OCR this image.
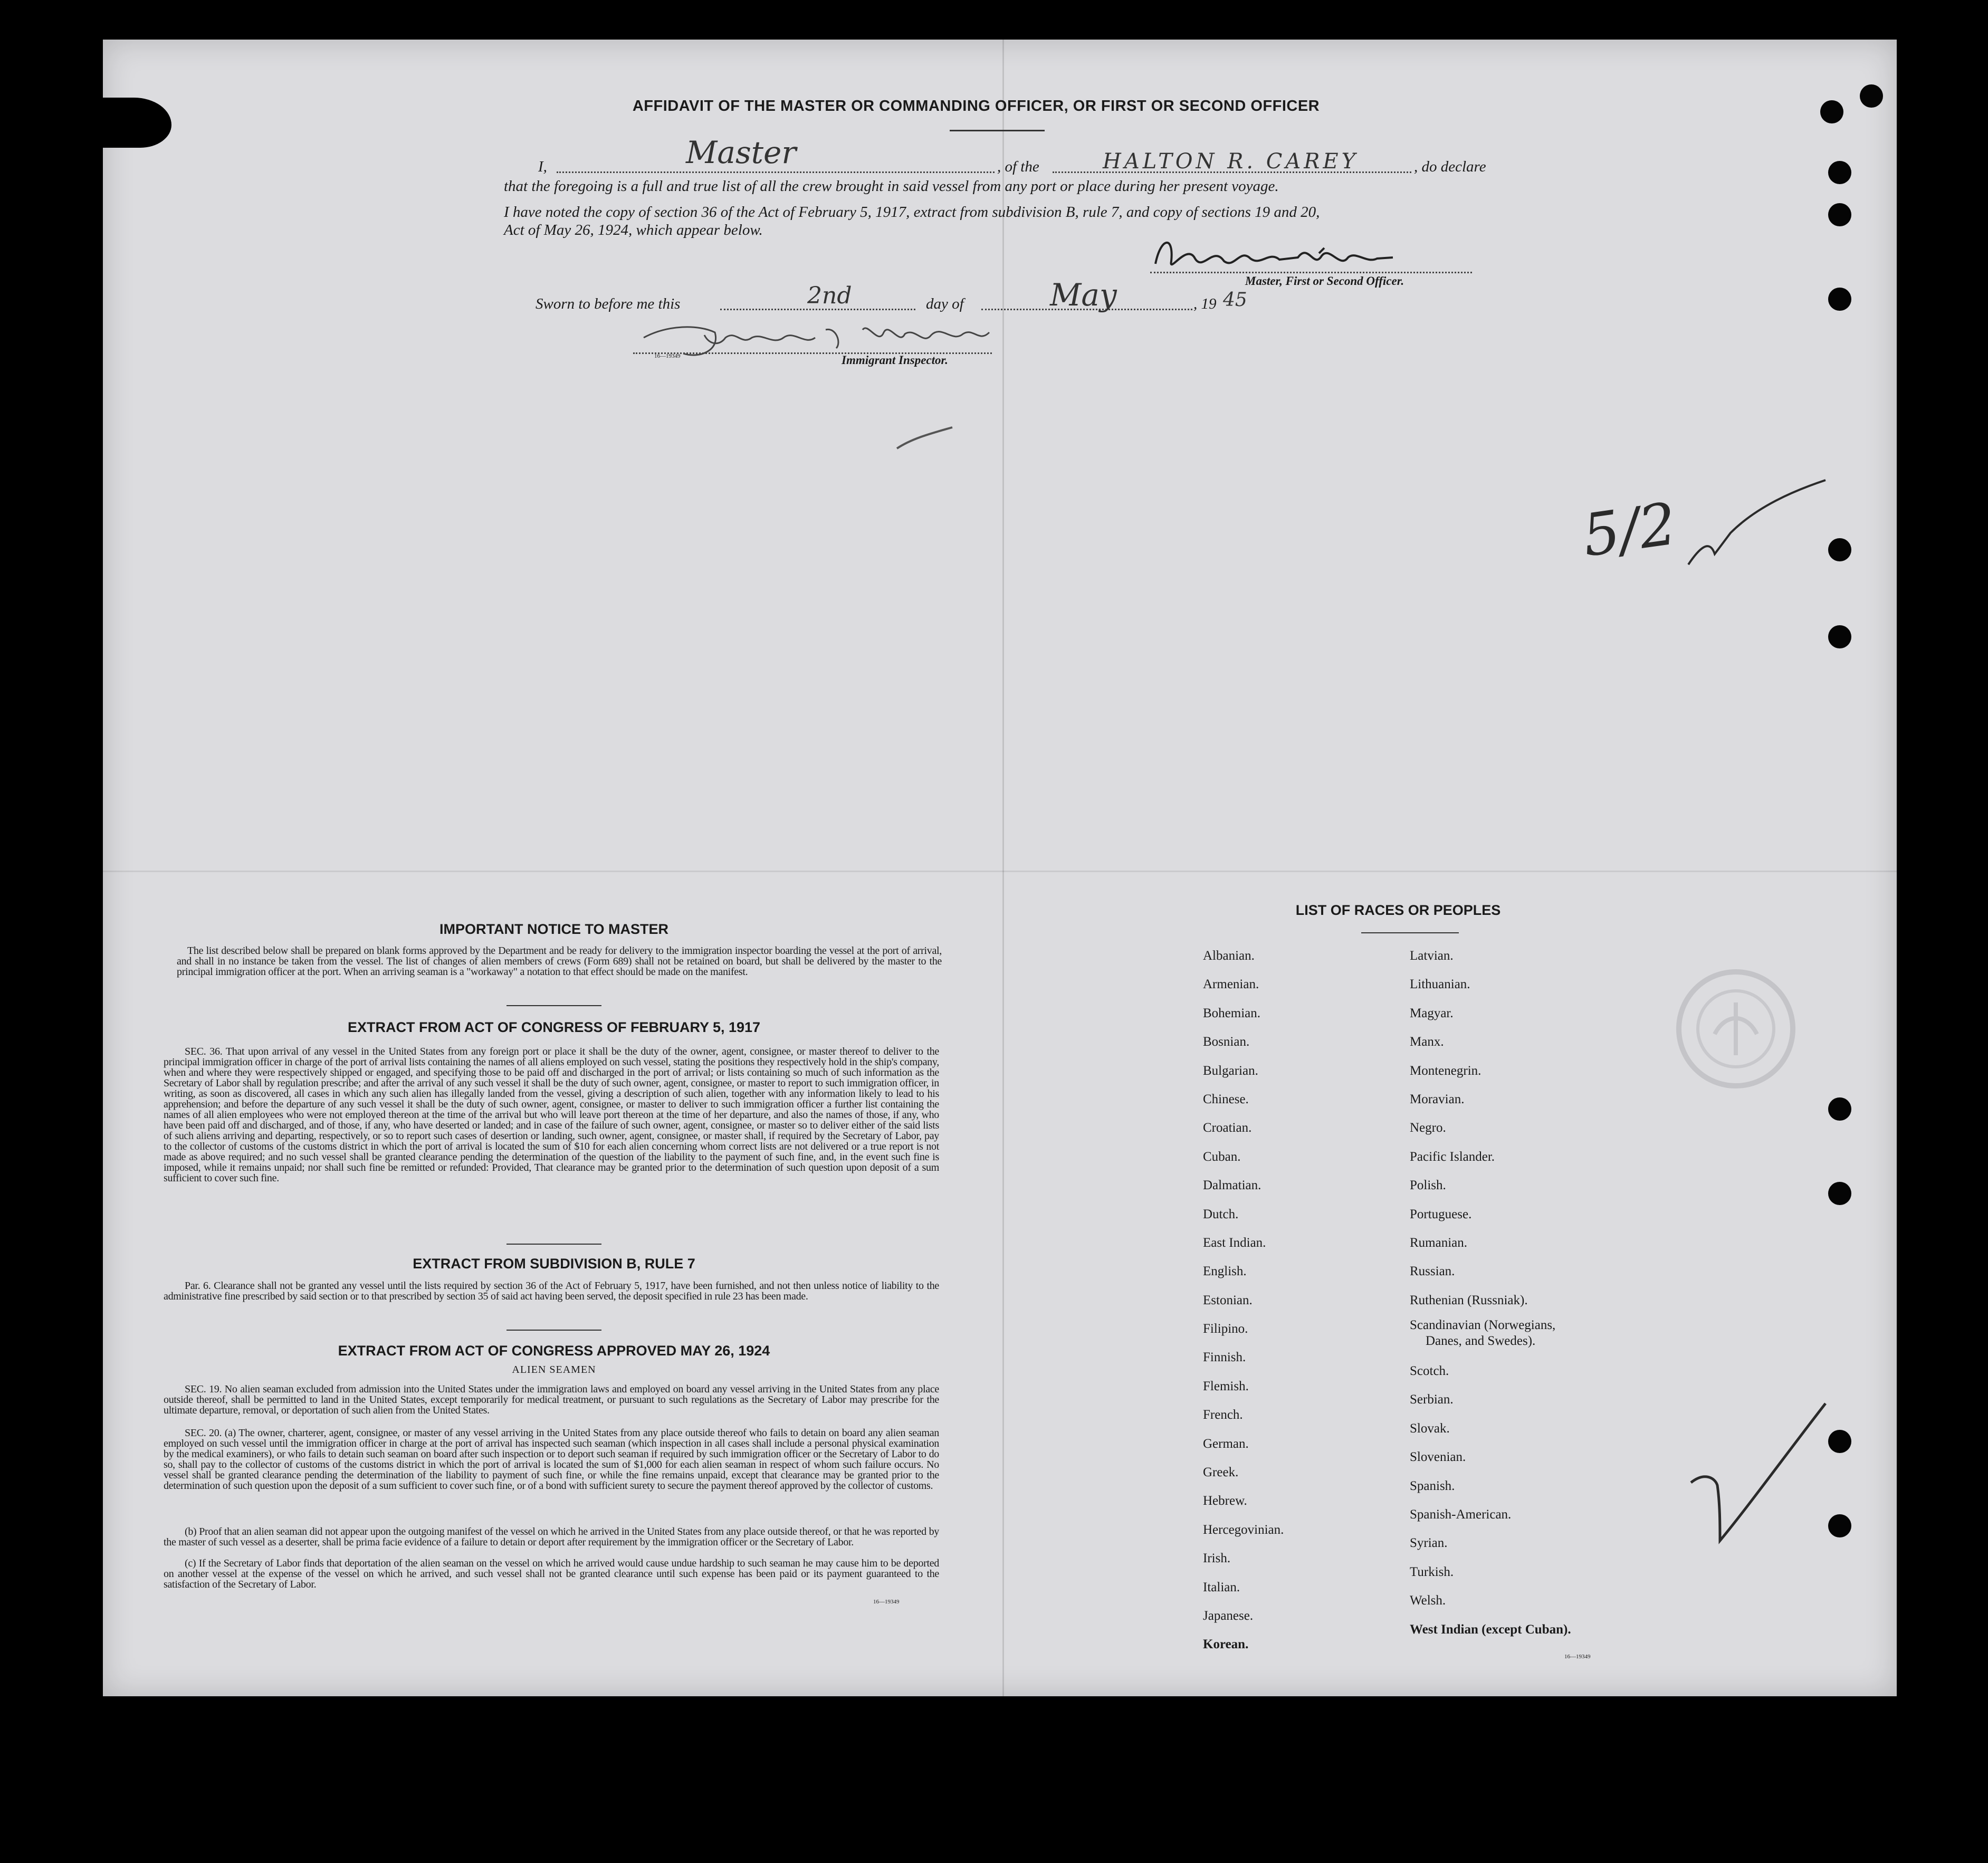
AFFIDAVIT OF THE MASTER OR COMMANDING OFFICER, OR FIRST OR SECOND OFFICER
I,	Master	, of the	HALTON R. CAREY	, do declare
that the foregoing is a full and true list of all the crew brought in said vessel from any port or place during her present voyage.
I have noted the copy of section 36 of the Act of February 5, 1917, extract from subdivision B, rule 7, and copy of sections 19 and 20,
Act of May 26, 1924, which appear below.
Master, First or Second Officer.
Sworn to before me this	2nd	day of	May	, 19 45
16—19349	Immigrant Inspector.
5/2
IMPORTANT NOTICE TO MASTER
The list described below shall be prepared on blank forms approved by the Department and be ready for delivery to the immigration inspector boarding the vessel at the port of arrival, and shall in no instance be taken from the vessel. The list of changes of alien members of crews (Form 689) shall not be retained on board, but shall be delivered by the master to the principal immigration officer at the port. When an arriving seaman is a "workaway" a notation to that effect should be made on the manifest.
EXTRACT FROM ACT OF CONGRESS OF FEBRUARY 5, 1917
SEC. 36. That upon arrival of any vessel in the United States from any foreign port or place it shall be the duty of the owner, agent, consignee, or master thereof to deliver to the principal immigration officer in charge of the port of arrival lists containing the names of all aliens employed on such vessel, stating the positions they respectively hold in the ship's company, when and where they were respectively shipped or engaged, and specifying those to be paid off and discharged in the port of arrival; or lists containing so much of such information as the Secretary of Labor shall by regulation prescribe; and after the arrival of any such vessel it shall be the duty of such owner, agent, consignee, or master to report to such immigration officer, in writing, as soon as discovered, all cases in which any such alien has illegally landed from the vessel, giving a description of such alien, together with any information likely to lead to his apprehension; and before the departure of any such vessel it shall be the duty of such owner, agent, consignee, or master to deliver to such immigration officer a further list containing the names of all alien employees who were not employed thereon at the time of the arrival but who will leave port thereon at the time of her departure, and also the names of those, if any, who have been paid off and discharged, and of those, if any, who have deserted or landed; and in case of the failure of such owner, agent, consignee, or master so to deliver either of the said lists of such aliens arriving and departing, respectively, or so to report such cases of desertion or landing, such owner, agent, consignee, or master shall, if required by the Secretary of Labor, pay to the collector of customs of the customs district in which the port of arrival is located the sum of $10 for each alien concerning whom correct lists are not delivered or a true report is not made as above required; and no such vessel shall be granted clearance pending the determination of the question of the liability to the payment of such fine, and, in the event such fine is imposed, while it remains unpaid; nor shall such fine be remitted or refunded: Provided, That clearance may be granted prior to the determination of such question upon deposit of a sum sufficient to cover such fine.
EXTRACT FROM SUBDIVISION B, RULE 7
Par. 6. Clearance shall not be granted any vessel until the lists required by section 36 of the Act of February 5, 1917, have been furnished, and not then unless notice of liability to the administrative fine prescribed by said section or to that prescribed by section 35 of said act having been served, the deposit specified in rule 23 has been made.
EXTRACT FROM ACT OF CONGRESS APPROVED MAY 26, 1924
ALIEN SEAMEN
SEC. 19. No alien seaman excluded from admission into the United States under the immigration laws and employed on board any vessel arriving in the United States from any place outside thereof, shall be permitted to land in the United States, except temporarily for medical treatment, or pursuant to such regulations as the Secretary of Labor may prescribe for the ultimate departure, removal, or deportation of such alien from the United States.
SEC. 20. (a) The owner, charterer, agent, consignee, or master of any vessel arriving in the United States from any place outside thereof who fails to detain on board any alien seaman employed on such vessel until the immigration officer in charge at the port of arrival has inspected such seaman (which inspection in all cases shall include a personal physical examination by the medical examiners), or who fails to detain such seaman on board after such inspection or to deport such seaman if required by such immigration officer or the Secretary of Labor to do so, shall pay to the collector of customs of the customs district in which the port of arrival is located the sum of $1,000 for each alien seaman in respect of whom such failure occurs. No vessel shall be granted clearance pending the determination of the liability to payment of such fine, or while the fine remains unpaid, except that clearance may be granted prior to the determination of such question upon the deposit of a sum sufficient to cover such fine, or of a bond with sufficient surety to secure the payment thereof approved by the collector of customs.
(b) Proof that an alien seaman did not appear upon the outgoing manifest of the vessel on which he arrived in the United States from any place outside thereof, or that he was reported by the master of such vessel as a deserter, shall be prima facie evidence of a failure to detain or deport after requirement by the immigration officer or the Secretary of Labor.
(c) If the Secretary of Labor finds that deportation of the alien seaman on the vessel on which he arrived would cause undue hardship to such seaman he may cause him to be deported on another vessel at the expense of the vessel on which he arrived, and such vessel shall not be granted clearance until such expense has been paid or its payment guaranteed to the satisfaction of the Secretary of Labor.
16—19349
LIST OF RACES OR PEOPLES
Albanian.
Armenian.
Bohemian.
Bosnian.
Bulgarian.
Chinese.
Croatian.
Cuban.
Dalmatian.
Dutch.
East Indian.
English.
Estonian.
Filipino.
Finnish.
Flemish.
French.
German.
Greek.
Hebrew.
Hercegovinian.
Irish.
Italian.
Japanese.
Korean.
Latvian.
Lithuanian.
Magyar.
Manx.
Montenegrin.
Moravian.
Negro.
Pacific Islander.
Polish.
Portuguese.
Rumanian.
Russian.
Ruthenian (Russniak).
Scandinavian (Norwegians,
Danes, and Swedes).
Scotch.
Serbian.
Slovak.
Slovenian.
Spanish.
Spanish-American.
Syrian.
Turkish.
Welsh.
West Indian (except Cuban).
16—19349
